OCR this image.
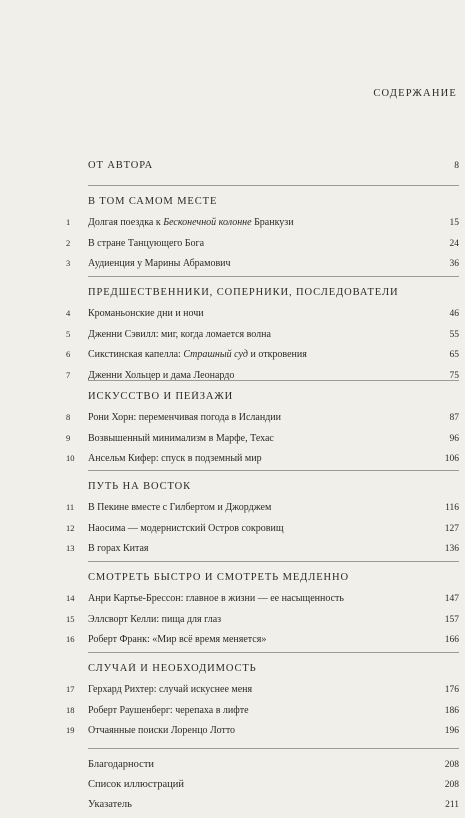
СОДЕРЖАНИЕ
ОТ АВТОРА	8
В ТОМ САМОМ МЕСТЕ
1	Долгая поездка к Бесконечной колонне Бранкузи	15
2	В стране Танцующего Бога	24
3	Аудиенция у Марины Абрамович	36
ПРЕДШЕСТВЕННИКИ, СОПЕРНИКИ, ПОСЛЕДОВАТЕЛИ
4	Кроманьонские дни и ночи	46
5	Дженни Сэвилл: миг, когда ломается волна	55
6	Сикстинская капелла: Страшный суд и откровения	65
7	Дженни Хольцер и дама Леонардо	75
ИСКУССТВО И ПЕЙЗАЖИ
8	Рони Хорн: переменчивая погода в Исландии	87
9	Возвышенный минимализм в Марфе, Техас	96
10	Ансельм Кифер: спуск в подземный мир	106
ПУТЬ НА ВОСТОК
11	В Пекине вместе с Гилбертом и Джорджем	116
12	Наосима — модернистский Остров сокровищ	127
13	В горах Китая	136
СМОТРЕТЬ БЫСТРО И СМОТРЕТЬ МЕДЛЕННО
14	Анри Картье-Брессон: главное в жизни — ее насыщенность	147
15	Эллсворт Келли: пища для глаз	157
16	Роберт Франк: «Мир всё время меняется»	166
СЛУЧАЙ И НЕОБХОДИМОСТЬ
17	Герхард Рихтер: случай искуснее меня	176
18	Роберт Раушенберг: черепаха в лифте	186
19	Отчаянные поиски Лоренцо Лотто	196
Благодарности	208
Список иллюстраций	208
Указатель	211
